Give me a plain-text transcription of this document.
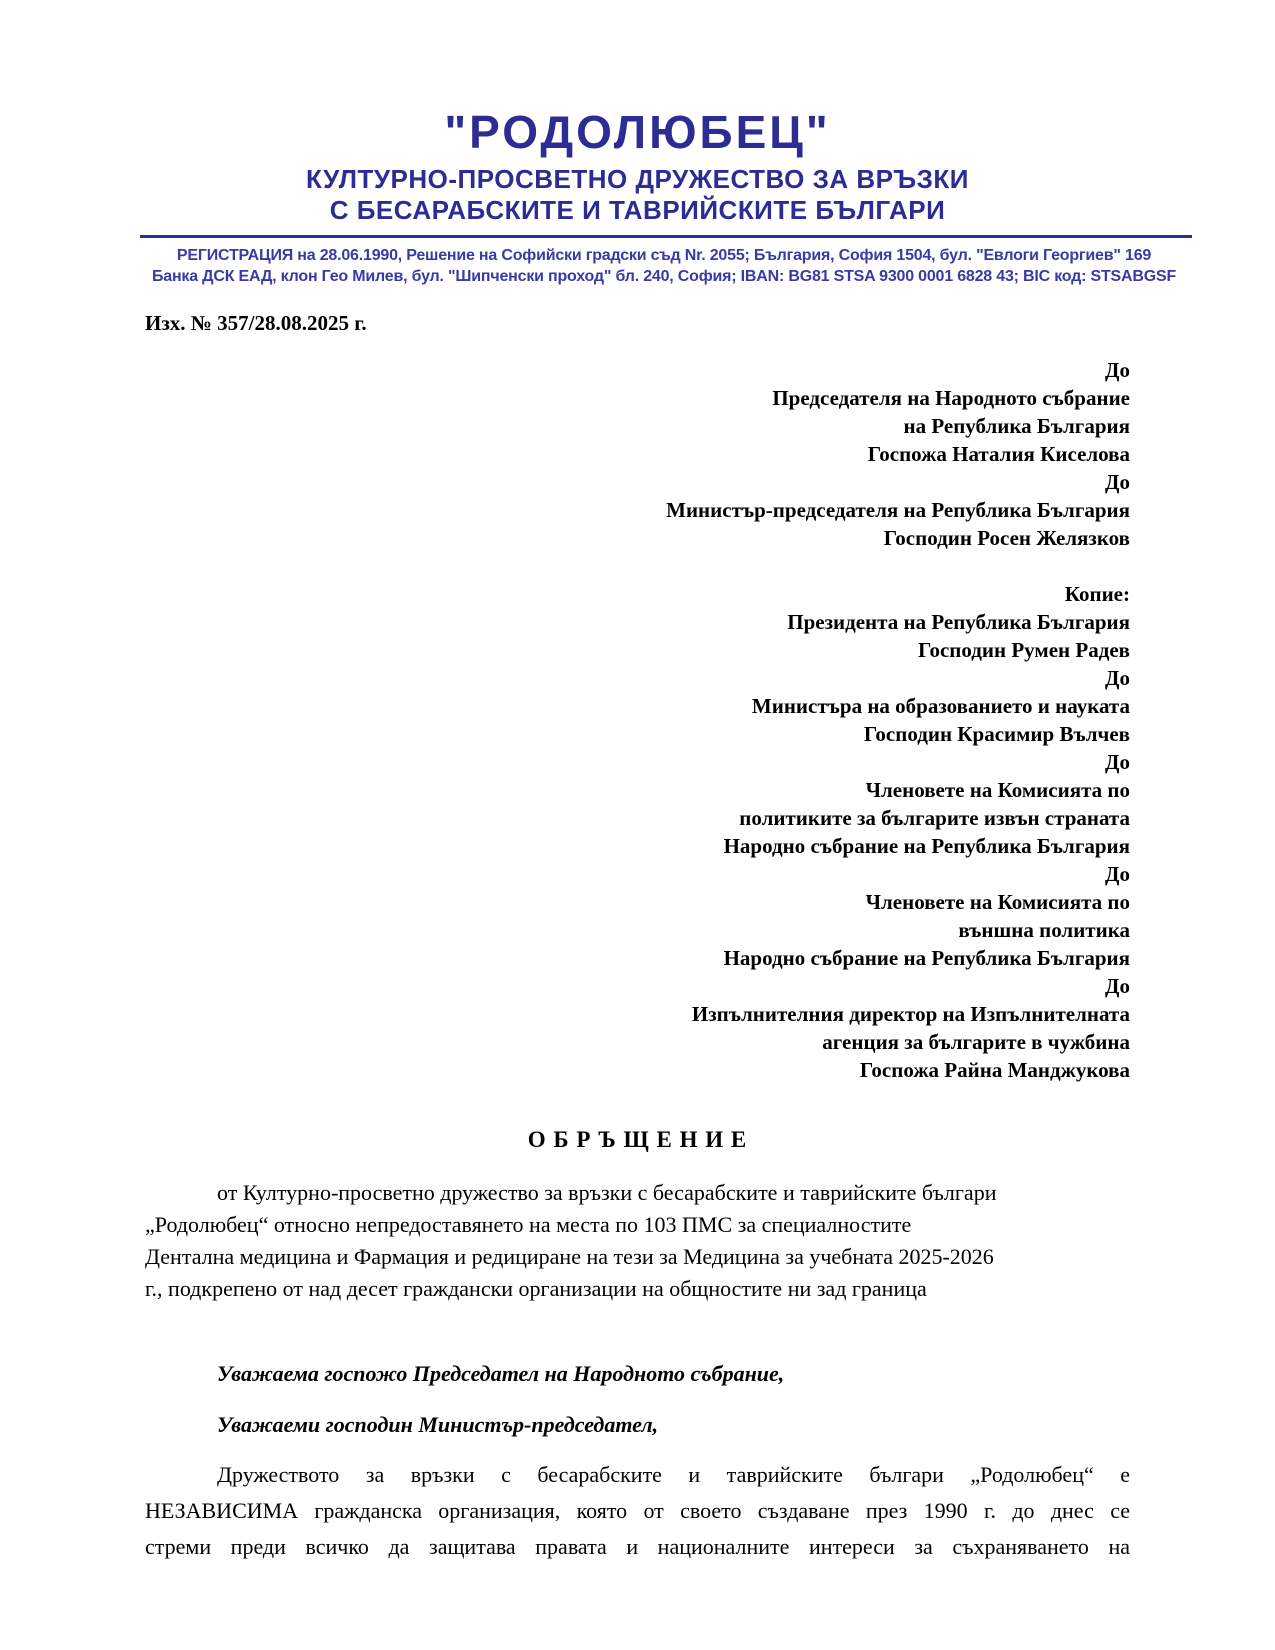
"РОДОЛЮБЕЦ"
КУЛТУРНО-ПРОСВЕТНО ДРУЖЕСТВО ЗА ВРЪЗКИ
С БЕСАРАБСКИТЕ И ТАВРИЙСКИТЕ БЪЛГАРИ
РЕГИСТРАЦИЯ на 28.06.1990, Решение на Софийски градски съд Nr. 2055; България, София 1504, бул. "Евлоги Георгиев" 169
Банка ДСК ЕАД, клон Гео Милев, бул. "Шипченски проход" бл. 240, София; IBAN: BG81 STSA 9300 0001 6828 43; BIC код: STSABGSF
Изх. № 357/28.08.2025 г.
До
Председателя на Народното събрание
на Република България
Госпожа Наталия Киселова
До
Министър-председателя на Република България
Господин Росен Желязков
Копие:
Президента на Република България
Господин Румен Радев
До
Министъра на образованието и науката
Господин Красимир Вълчев
До
Членовете на Комисията по
политиките за българите извън страната
Народно събрание на Република България
До
Членовете на Комисията по
външна политика
Народно събрание на Република България
До
Изпълнителния директор на Изпълнителната
агенция за българите в чужбина
Госпожа Райна Манджукова
О Б Р Ъ Щ Е Н И Е
от Културно-просветно дружество за връзки с бесарабските и таврийските българи
„Родолюбец“ относно непредоставянето на места по 103 ПМС за специалностите
Дентална медицина и Фармация и редициране на тези за Медицина за учебната 2025-2026
г., подкрепено от над десет граждански организации на общностите ни зад граница
Уважаема госпожо Председател на Народното събрание,
Уважаеми господин Министър-председател,
Дружеството за връзки с бесарабските и таврийските българи „Родолюбец“ е
НЕЗАВИСИМА гражданска организация, която от своето създаване през 1990 г. до днес се
стреми преди всичко да защитава правата и националните интереси за съхраняването на
